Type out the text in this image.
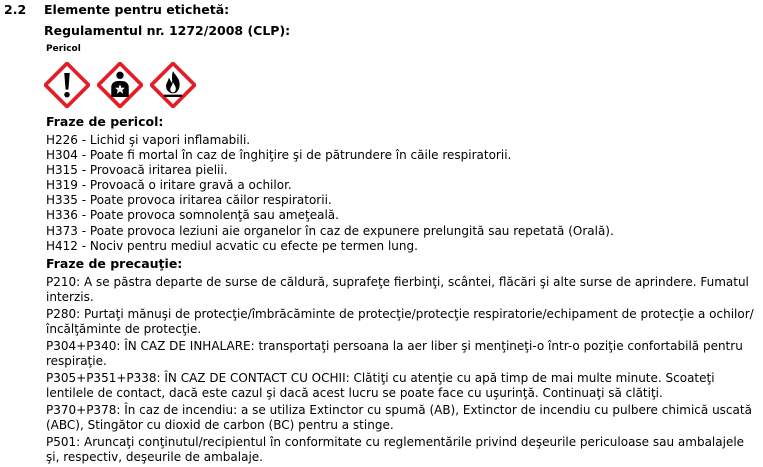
2.2 Elemente pentru etichetă:
Regulamentul nr. 1272/2008 (CLP):
Pericol
Fraze de pericol:
H226 - Lichid şi vapori inflamabili.
H304 - Poate fi mortal în caz de înghiţire şi de pătrundere în căile respiratorii.
H315 - Provoacă iritarea pielii.
H319 - Provoacă o iritare gravă a ochilor.
H335 - Poate provoca iritarea căilor respiratorii.
H336 - Poate provoca somnolenţă sau ameţeală.
H373 - Poate provoca leziuni aie organelor în caz de expunere prelungită sau repetată (Orală).
H412 - Nociv pentru mediul acvatic cu efecte pe termen lung.
Fraze de precauţie:
P210: A se păstra departe de surse de căldură, suprafeţe fierbinţi, scântei, flăcări şi alte surse de aprindere. Fumatul interzis.
P280: Purtaţi mănuşi de protecţie/îmbrăcăminte de protecţie/protecţie respiratorie/echipament de protecţie a ochilor/încălţăminte de protecţie.
P304+P340: ÎN CAZ DE INHALARE: transportaţi persoana la aer liber şi menţineţi-o într-o poziţie confortabilă pentru respiraţie.
P305+P351+P338: ÎN CAZ DE CONTACT CU OCHII: Clătiţi cu atenţie cu apă timp de mai multe minute. Scoateţi lentilele de contact, dacă este cazul şi dacă acest lucru se poate face cu uşurinţă. Continuaţi să clătiţi.
P370+P378: În caz de incendiu: a se utiliza Extinctor cu spumă (AB), Extinctor de incendiu cu pulbere chimică uscată (ABC), Stingător cu dioxid de carbon (BC) pentru a stinge.
P501: Aruncaţi conţinutul/recipientul în conformitate cu reglementările privind deşeurile periculoase sau ambalajele şi, respectiv, deşeurile de ambalaje.
